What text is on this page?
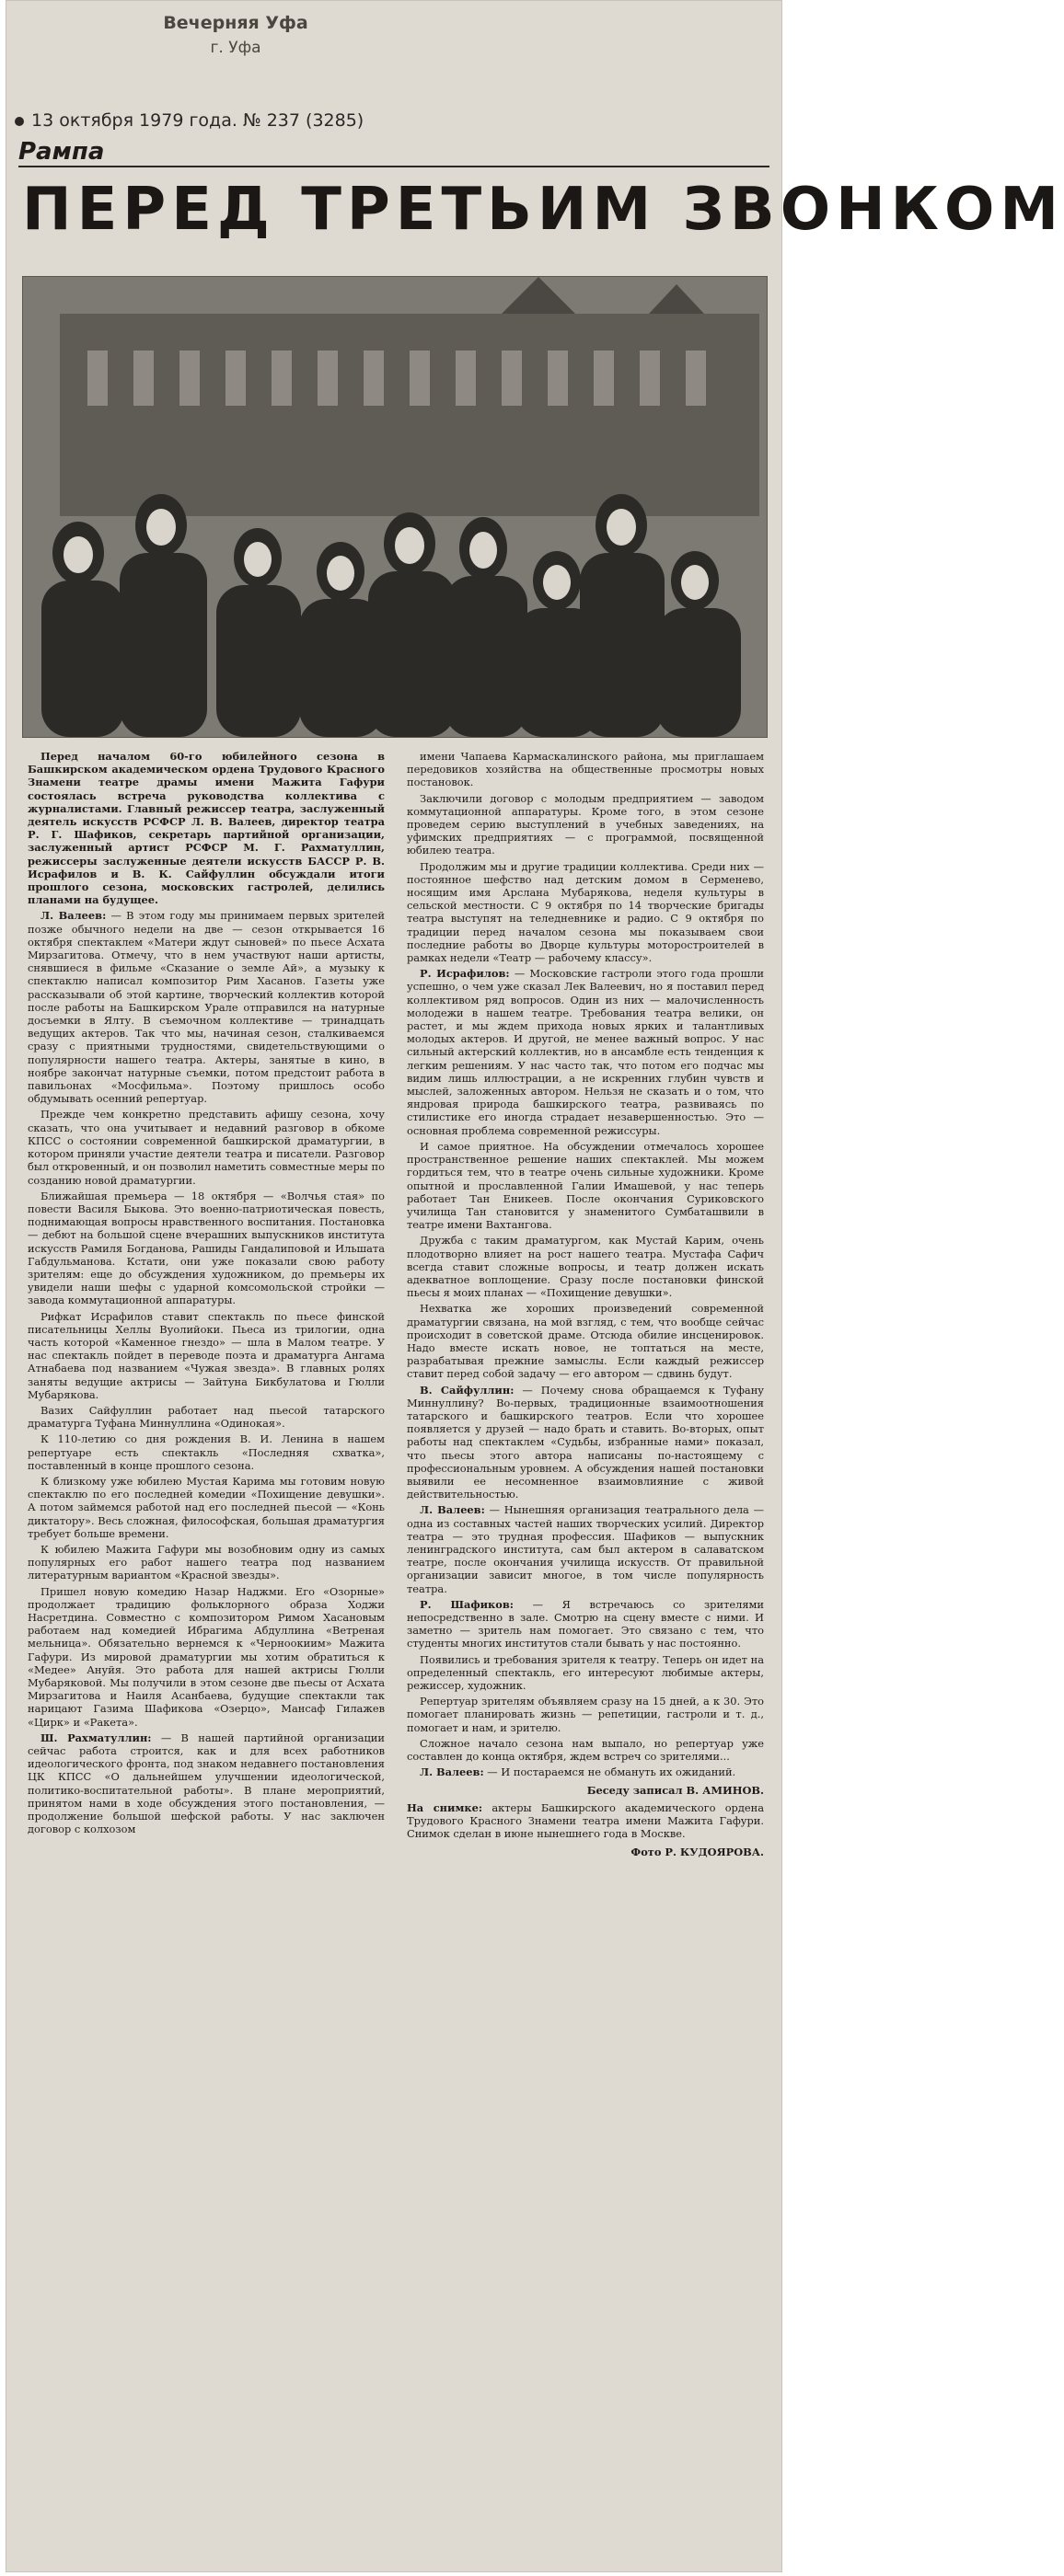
Вечерняя Уфа
г. Уфа
13 октября 1979 года. № 237 (3285)
Рампа
ПЕРЕД ТРЕТЬИМ ЗВОНКОМ

Перед началом 60-го юбилейного сезона в Башкирском академическом ордена Трудового Красного Знамени театре драмы имени Мажита Гафури состоялась встреча руководства коллектива с журналистами. Главный режиссер театра, заслуженный деятель искусств РСФСР Л. В. Валеев, директор театра Р. Г. Шафиков, секретарь партийной организации, заслуженный артист РСФСР М. Г. Рахматуллин, режиссеры заслуженные деятели искусств БАССР Р. В. Исрафилов и В. К. Сайфуллин обсуждали итоги прошлого сезона, московских гастролей, делились планами на будущее.

Л. Валеев: — В этом году мы принимаем первых зрителей позже обычного недели на две — сезон открывается 16 октября спектаклем «Матери ждут сыновей» по пьесе Асхата Мирзагитова. Отмечу, что в нем участвуют наши артисты, снявшиеся в фильме «Сказание о земле Ай», а музыку к спектаклю написал композитор Рим Хасанов. Газеты уже рассказывали об этой картине, творческий коллектив которой после работы на Башкирском Урале отправился на натурные досъемки в Ялту. В съемочном коллективе — тринадцать ведущих актеров. Так что мы, начиная сезон, сталкиваемся сразу с приятными трудностями, свидетельствующими о популярности нашего театра. Актеры, занятые в кино, в ноябре закончат натурные съемки, потом предстоит работа в павильонах «Мосфильма». Поэтому пришлось особо обдумывать осенний репертуар.

Прежде чем конкретно представить афишу сезона, хочу сказать, что она учитывает и недавний разговор в обкоме КПСС о состоянии современной башкирской драматургии, в котором приняли участие деятели театра и писатели. Разговор был откровенный, и он позволил наметить совместные меры по созданию новой драматургии.

Ближайшая премьера — 18 октября — «Волчья стая» по повести Василя Быкова. Это военно-патриотическая повесть, поднимающая вопросы нравственного воспитания. Постановка — дебют на большой сцене вчерашних выпускников института искусств Рамиля Богданова, Рашиды Гандалиповой и Ильшата Габдульманова. Кстати, они уже показали свою работу зрителям: еще до обсуждения художником, до премьеры их увидели наши шефы с ударной комсомольской стройки — завода коммутационной аппаратуры.

Рифкат Исрафилов ставит спектакль по пьесе финской писательницы Хеллы Вуолийоки. Пьеса из трилогии, одна часть которой «Каменное гнездо» — шла в Малом театре. У нас спектакль пойдет в переводе поэта и драматурга Ангама Атнабаева под названием «Чужая звезда». В главных ролях заняты ведущие актрисы — Зайтуна Бикбулатова и Гюлли Мубарякова.

Вазих Сайфуллин работает над пьесой татарского драматурга Туфана Миннуллина «Одинокая».

К 110-летию со дня рождения В. И. Ленина в нашем репертуаре есть спектакль «Последняя схватка», поставленный в конце прошлого сезона.

К близкому уже юбилею Мустая Карима мы готовим новую спектаклю по его последней комедии «Похищение девушки». А потом займемся работой над его последней пьесой — «Конь диктатору». Весь сложная, философская, большая драматургия требует больше времени.

К юбилею Мажита Гафури мы возобновим одну из самых популярных его работ нашего театра под названием литературным вариантом «Красной звезды».

Пришел новую комедию Назар Наджми. Его «Озорные» продолжает традицию фольклорного образа Ходжи Насретдина. Совместно с композитором Римом Хасановым работаем над комедией Ибрагима Абдуллина «Ветреная мельница». Обязательно вернемся к «Черноокиим» Мажита Гафури. Из мировой драматургии мы хотим обратиться к «Медее» Ануйя. Это работа для нашей актрисы Гюлли Мубаряковой. Мы получили в этом сезоне две пьесы от Асхата Мирзагитова и Наиля Асанбаева, будущие спектакли так нарицают Газима Шафикова «Озерцо», Мансаф Гилажев «Цирк» и «Ракета».

Ш. Рахматуллин: — В нашей партийной организации сейчас работа строится, как и для всех работников идеологического фронта, под знаком недавнего постановления ЦК КПСС «О дальнейшем улучшении идеологической, политико-воспитательной работы». В плане мероприятий, принятом нами в ходе обсуждения этого постановления, — продолжение большой шефской работы. У нас заключен договор с колхозом

имени Чапаева Кармаскалинского района, мы приглашаем передовиков хозяйства на общественные просмотры новых постановок.

Заключили договор с молодым предприятием — заводом коммутационной аппаратуры. Кроме того, в этом сезоне проведем серию выступлений в учебных заведениях, на уфимских предприятиях — с программой, посвященной юбилею театра.

Продолжим мы и другие традиции коллектива. Среди них — постоянное шефство над детским домом в Серменево, носящим имя Арслана Мубарякова, неделя культуры в сельской местности. С 9 октября по 14 творческие бригады театра выступят на теледневнике и радио. С 9 октября по традиции перед началом сезона мы показываем свои последние работы во Дворце культуры моторостроителей в рамках недели «Театр — рабочему классу».

Р. Исрафилов: — Московские гастроли этого года прошли успешно, о чем уже сказал Лек Валеевич, но я поставил перед коллективом ряд вопросов. Один из них — малочисленность молодежи в нашем театре. Требования театра велики, он растет, и мы ждем прихода новых ярких и талантливых молодых актеров. И другой, не менее важный вопрос. У нас сильный актерский коллектив, но в ансамбле есть тенденция к легким решениям. У нас часто так, что потом его подчас мы видим лишь иллюстрации, а не искренних глубин чувств и мыслей, заложенных автором. Нельзя не сказать и о том, что яндровая природа башкирского театра, развиваясь по стилистике его иногда страдает незавершенностью. Это — основная проблема современной режиссуры.

И самое приятное. На обсуждении отмечалось хорошее пространственное решение наших спектаклей. Мы можем гордиться тем, что в театре очень сильные художники. Кроме опытной и прославленной Галии Имашевой, у нас теперь работает Тан Еникеев. После окончания Суриковского училища Тан становится у знаменитого Сумбаташвили в театре имени Вахтангова.

Дружба с таким драматургом, как Мустай Карим, очень плодотворно влияет на рост нашего театра. Мустафа Сафич всегда ставит сложные вопросы, и театр должен искать адекватное воплощение. Сразу после постановки финской пьесы я моих планах — «Похищение девушки».

Нехватка же хороших произведений современной драматургии связана, на мой взгляд, с тем, что вообще сейчас происходит в советской драме. Отсюда обилие инсценировок. Надо вместе искать новое, не топтаться на месте, разрабатывая прежние замыслы. Если каждый режиссер ставит перед собой задачу — его автором — сдвинь будут.

В. Сайфуллин: — Почему снова обращаемся к Туфану Миннуллину? Во-первых, традиционные взаимоотношения татарского и башкирского театров. Если что хорошее появляется у друзей — надо брать и ставить. Во-вторых, опыт работы над спектаклем «Судьбы, избранные нами» показал, что пьесы этого автора написаны по-настоящему с профессиональным уровнем. А обсуждения нашей постановки выявили ее несомненное взаимовлияние с живой действительностью.

Л. Валеев: — Нынешняя организация театрального дела — одна из составных частей наших творческих усилий. Директор театра — это трудная профессия. Шафиков — выпускник ленинградского института, сам был актером в салаватском театре, после окончания училища искусств. От правильной организации зависит многое, в том числе популярность театра.

Р. Шафиков: — Я встречаюсь со зрителями непосредственно в зале. Смотрю на сцену вместе с ними. И заметно — зритель нам помогает. Это связано с тем, что студенты многих институтов стали бывать у нас постоянно.

Появились и требования зрителя к театру. Теперь он идет на определенный спектакль, его интересуют любимые актеры, режиссер, художник.

Репертуар зрителям объявляем сразу на 15 дней, а к 30. Это помогает планировать жизнь — репетиции, гастроли и т. д., помогает и нам, и зрителю.

Сложное начало сезона нам выпало, но репертуар уже составлен до конца октября, ждем встреч со зрителями...

Л. Валеев: — И постараемся не обмануть их ожиданий.

Беседу записал В. АМИНОВ.

На снимке: актеры Башкирского академического ордена Трудового Красного Знамени театра имени Мажита Гафури. Снимок сделан в июне нынешнего года в Москве.

Фото Р. КУДОЯРОВА.
